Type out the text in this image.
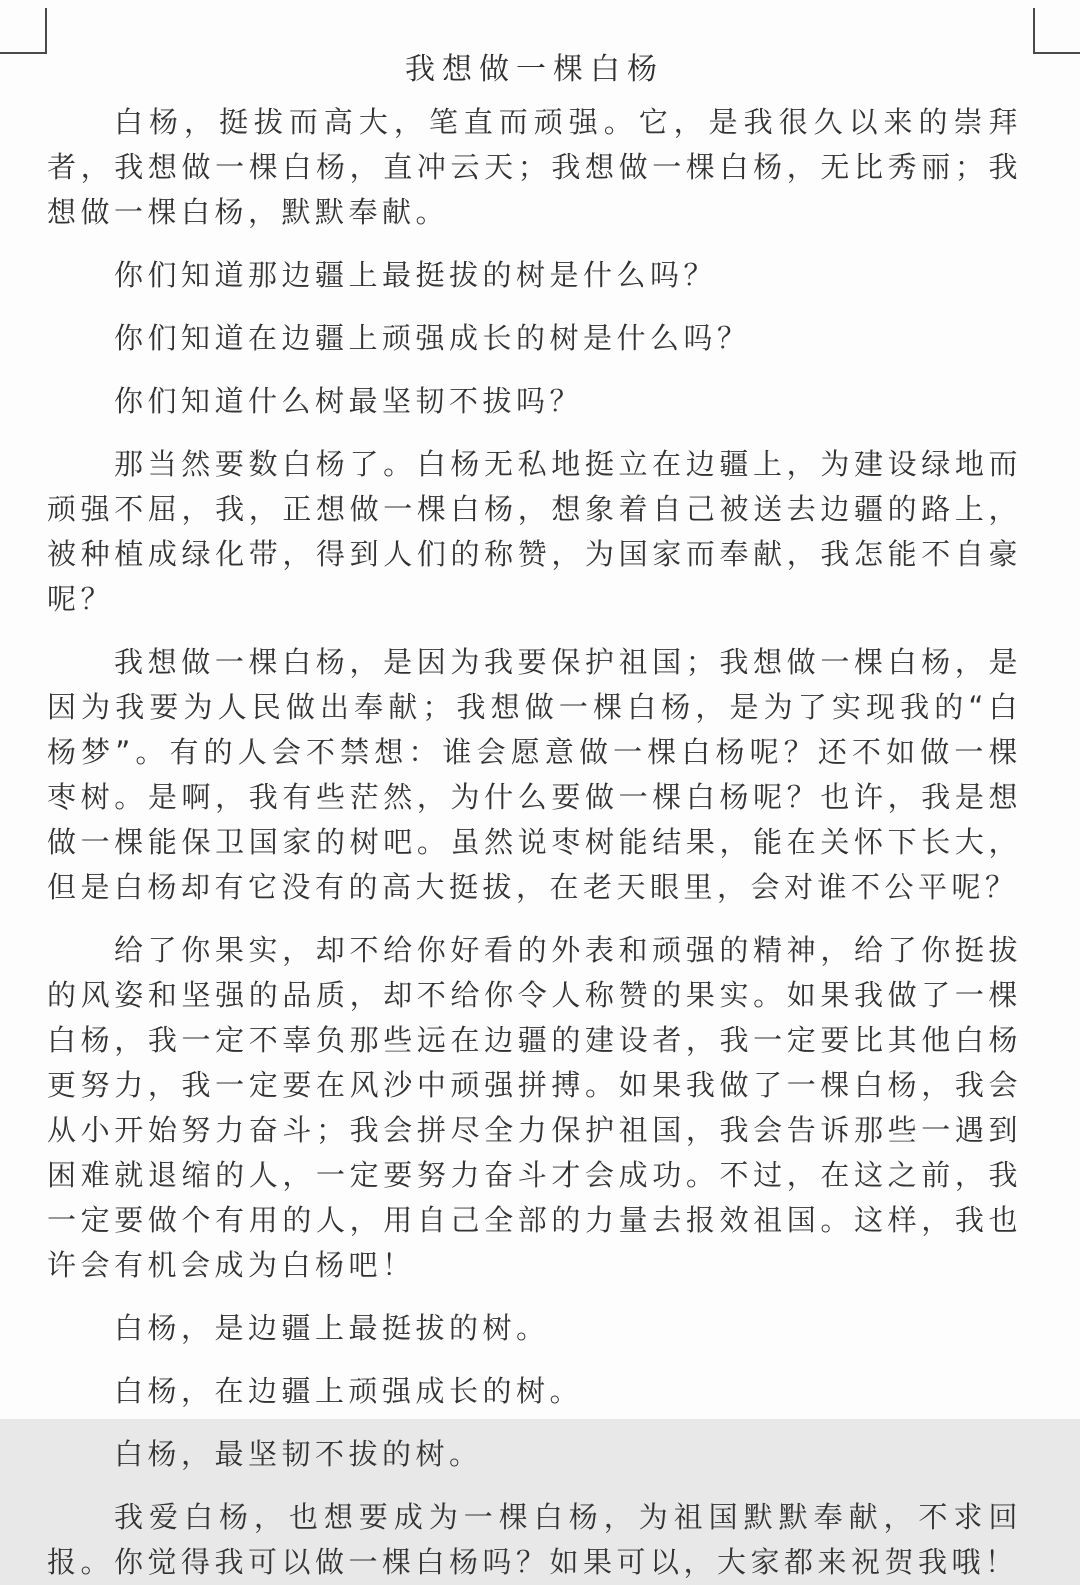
我想做一棵白杨

白杨，挺拔而高大，笔直而顽强。它，是我很久以来的崇拜者，我想做一棵白杨，直冲云天；我想做一棵白杨，无比秀丽；我想做一棵白杨，默默奉献。

你们知道那边疆上最挺拔的树是什么吗？

你们知道在边疆上顽强成长的树是什么吗？

你们知道什么树最坚韧不拔吗？

那当然要数白杨了。白杨无私地挺立在边疆上，为建设绿地而顽强不屈，我，正想做一棵白杨，想象着自己被送去边疆的路上，被种植成绿化带，得到人们的称赞，为国家而奉献，我怎能不自豪呢？

我想做一棵白杨，是因为我要保护祖国；我想做一棵白杨，是因为我要为人民做出奉献；我想做一棵白杨，是为了实现我的“白杨梦”。有的人会不禁想：谁会愿意做一棵白杨呢？还不如做一棵枣树。是啊，我有些茫然，为什么要做一棵白杨呢？也许，我是想做一棵能保卫国家的树吧。虽然说枣树能结果，能在关怀下长大，但是白杨却有它没有的高大挺拔，在老天眼里，会对谁不公平呢？

给了你果实，却不给你好看的外表和顽强的精神，给了你挺拔的风姿和坚强的品质，却不给你令人称赞的果实。如果我做了一棵白杨，我一定不辜负那些远在边疆的建设者，我一定要比其他白杨更努力，我一定要在风沙中顽强拼搏。如果我做了一棵白杨，我会从小开始努力奋斗；我会拼尽全力保护祖国，我会告诉那些一遇到困难就退缩的人，一定要努力奋斗才会成功。不过，在这之前，我一定要做个有用的人，用自己全部的力量去报效祖国。这样，我也许会有机会成为白杨吧！

白杨，是边疆上最挺拔的树。

白杨，在边疆上顽强成长的树。

白杨，最坚韧不拔的树。

我爱白杨，也想要成为一棵白杨，为祖国默默奉献，不求回报。你觉得我可以做一棵白杨吗？如果可以，大家都来祝贺我哦！
